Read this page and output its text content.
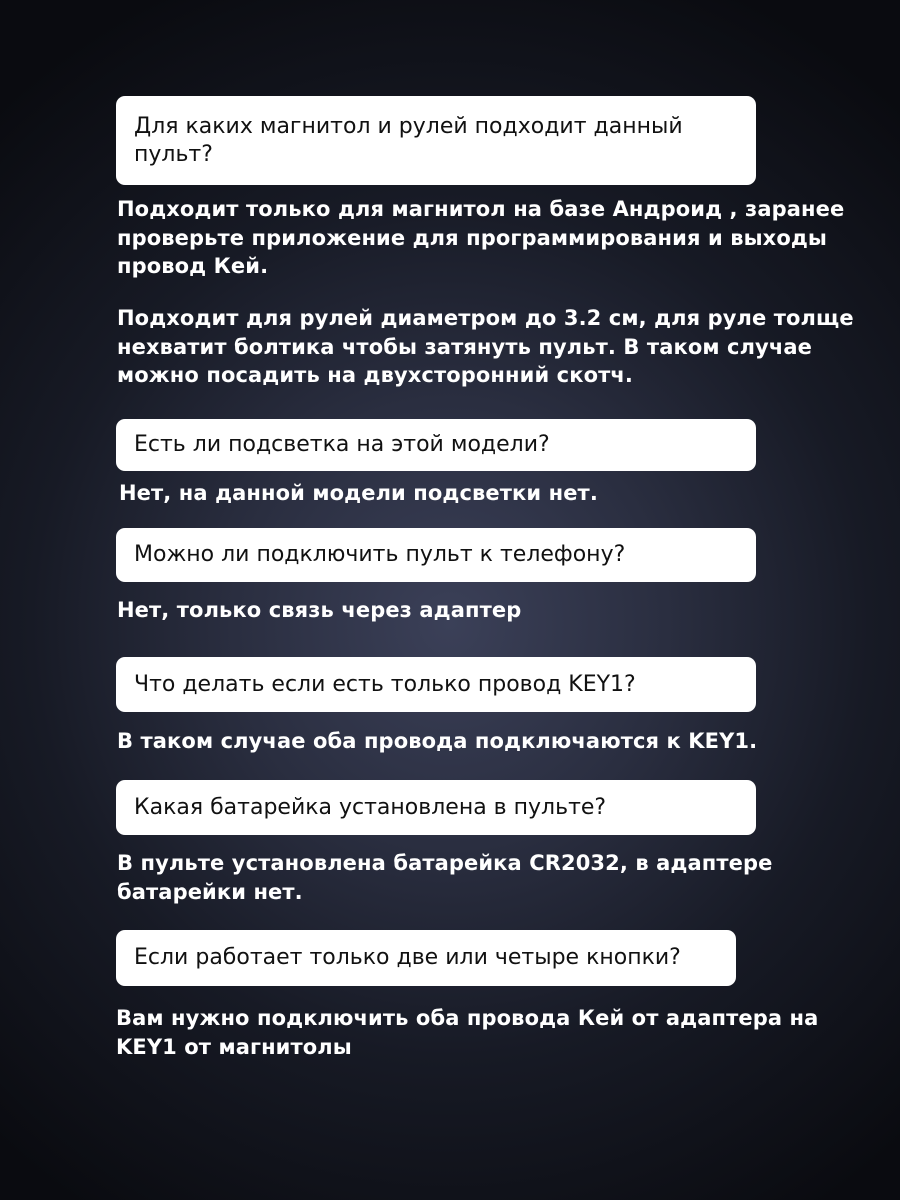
Для каких магнитол и рулей подходит данный пульт?
Подходит только для магнитол на базе Андроид , заранее проверьте приложение для программирования и выходы провод Кей.
Подходит для рулей диаметром до 3.2 см, для руле толще нехватит болтика чтобы затянуть пульт. В таком случае можно посадить на двухсторонний скотч.
Есть ли подсветка на этой модели?
Нет, на данной модели подсветки нет.
Можно ли подключить пульт к телефону?
Нет, только связь через адаптер
Что делать если есть только провод KEY1?
В таком случае оба провода подключаются к KEY1.
Какая батарейка установлена в пульте?
В пульте установлена батарейка CR2032, в адаптере батарейки нет.
Если работает только две или четыре кнопки?
Вам нужно подключить оба провода Кей от адаптера на KEY1 от магнитолы
